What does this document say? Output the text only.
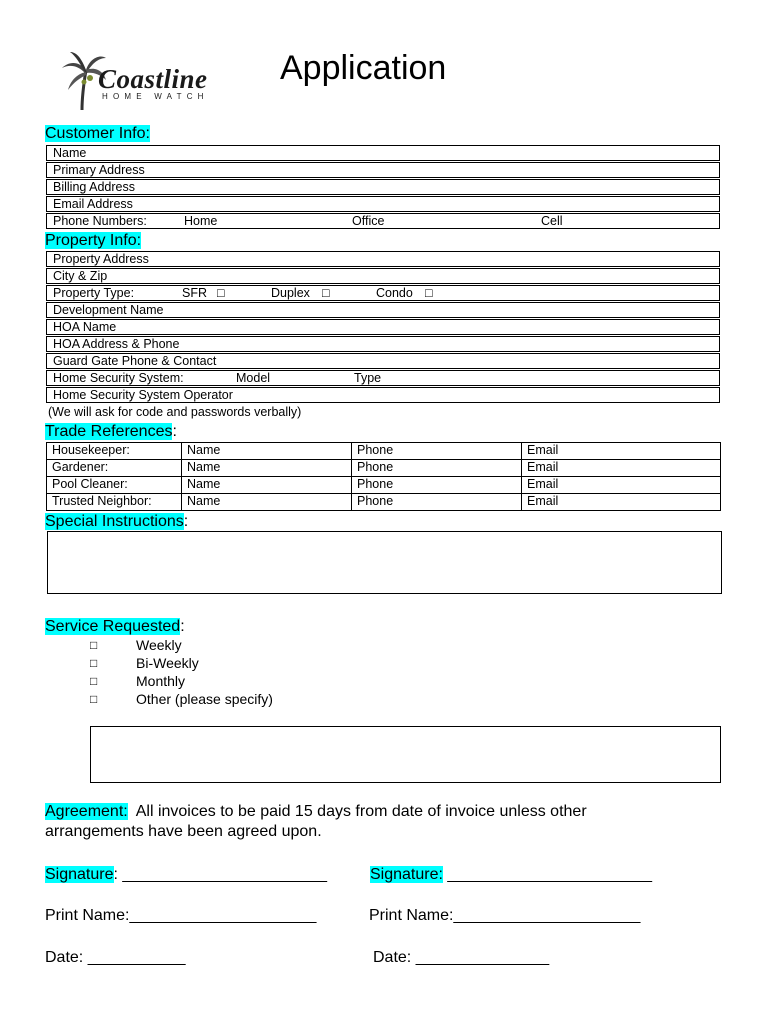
Coastline
HOME WATCH
Application
Customer Info:
Name
Primary Address
Billing Address
Email Address
Phone Numbers:	Home	Office	Cell
Property Info:
Property Address
City & Zip
Property Type:	SFR □	Duplex □	Condo □
Development Name
HOA Name
HOA Address & Phone
Guard Gate Phone & Contact
Home Security System:	Model	Type
Home Security System Operator
(We will ask for code and passwords verbally)
Trade References:
Housekeeper:	Name	Phone	Email
Gardener:	Name	Phone	Email
Pool Cleaner:	Name	Phone	Email
Trusted Neighbor:	Name	Phone	Email
Special Instructions:
Service Requested:
□	Weekly
□	Bi-Weekly
□	Monthly
□	Other (please specify)
Agreement:  All invoices to be paid 15 days from date of invoice unless other
arrangements have been agreed upon.
Signature: _______________________	Signature: _______________________
Print Name:_____________________	Print Name:_____________________
Date: ___________	Date: _______________
